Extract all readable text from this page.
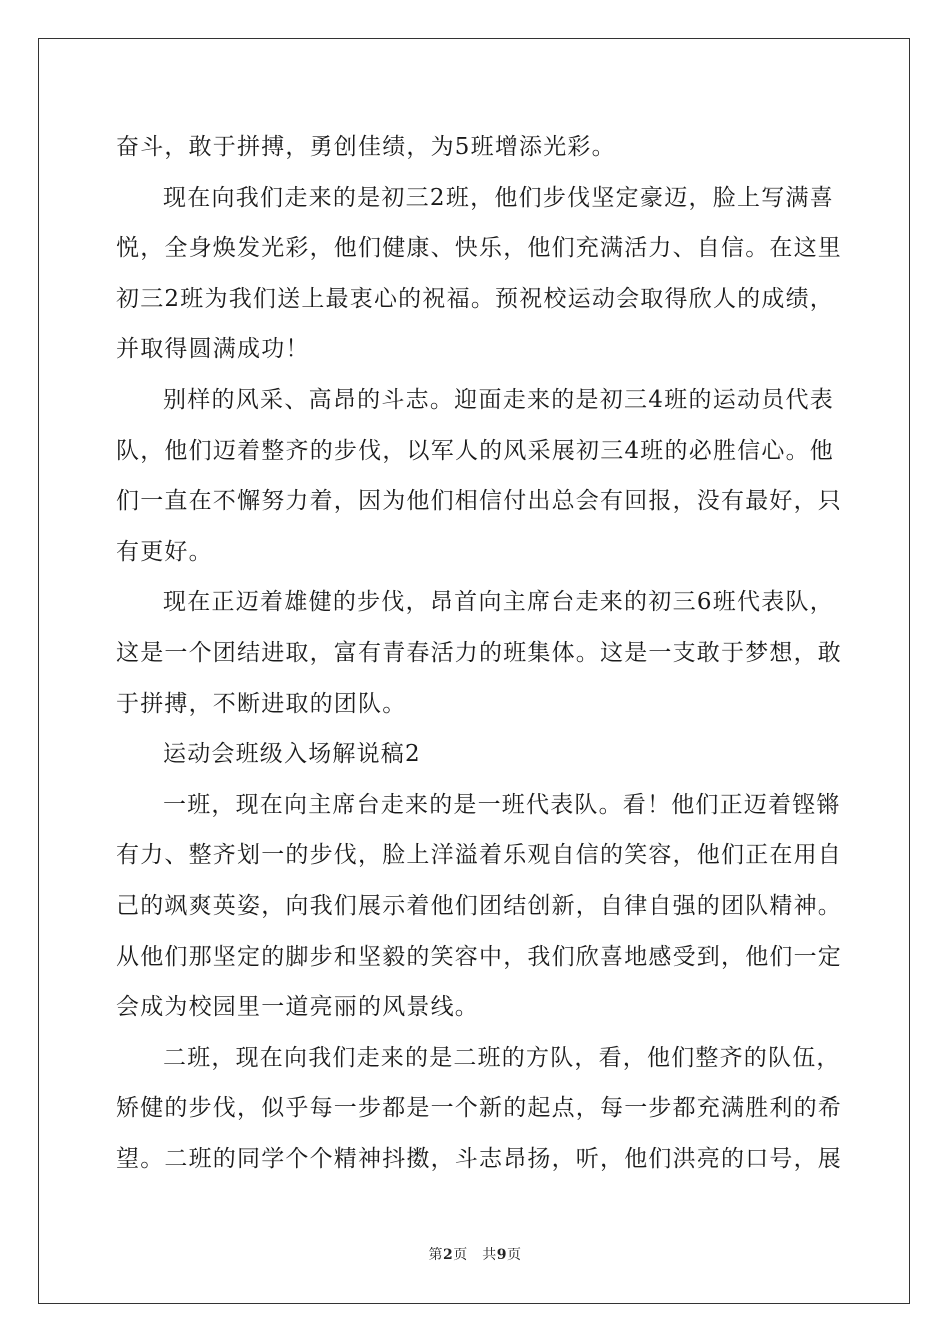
奋斗，敢于拼搏，勇创佳绩，为5班增添光彩。
现在向我们走来的是初三2班，他们步伐坚定豪迈，脸上写满喜
悦，全身焕发光彩，他们健康、快乐，他们充满活力、自信。在这里
初三2班为我们送上最衷心的祝福。预祝校运动会取得欣人的成绩，
并取得圆满成功！
别样的风采、高昂的斗志。迎面走来的是初三4班的运动员代表
队，他们迈着整齐的步伐，以军人的风采展初三4班的必胜信心。他
们一直在不懈努力着，因为他们相信付出总会有回报，没有最好，只
有更好。
现在正迈着雄健的步伐，昂首向主席台走来的初三6班代表队，
这是一个团结进取，富有青春活力的班集体。这是一支敢于梦想，敢
于拼搏，不断进取的团队。
运动会班级入场解说稿2
一班，现在向主席台走来的是一班代表队。看！他们正迈着铿锵
有力、整齐划一的步伐，脸上洋溢着乐观自信的笑容，他们正在用自
己的飒爽英姿，向我们展示着他们团结创新，自律自强的团队精神。
从他们那坚定的脚步和坚毅的笑容中，我们欣喜地感受到，他们一定
会成为校园里一道亮丽的风景线。
二班，现在向我们走来的是二班的方队，看，他们整齐的队伍，
矫健的步伐，似乎每一步都是一个新的起点，每一步都充满胜利的希
望。二班的同学个个精神抖擞，斗志昂扬，听，他们洪亮的口号，展
第2页　共9页
